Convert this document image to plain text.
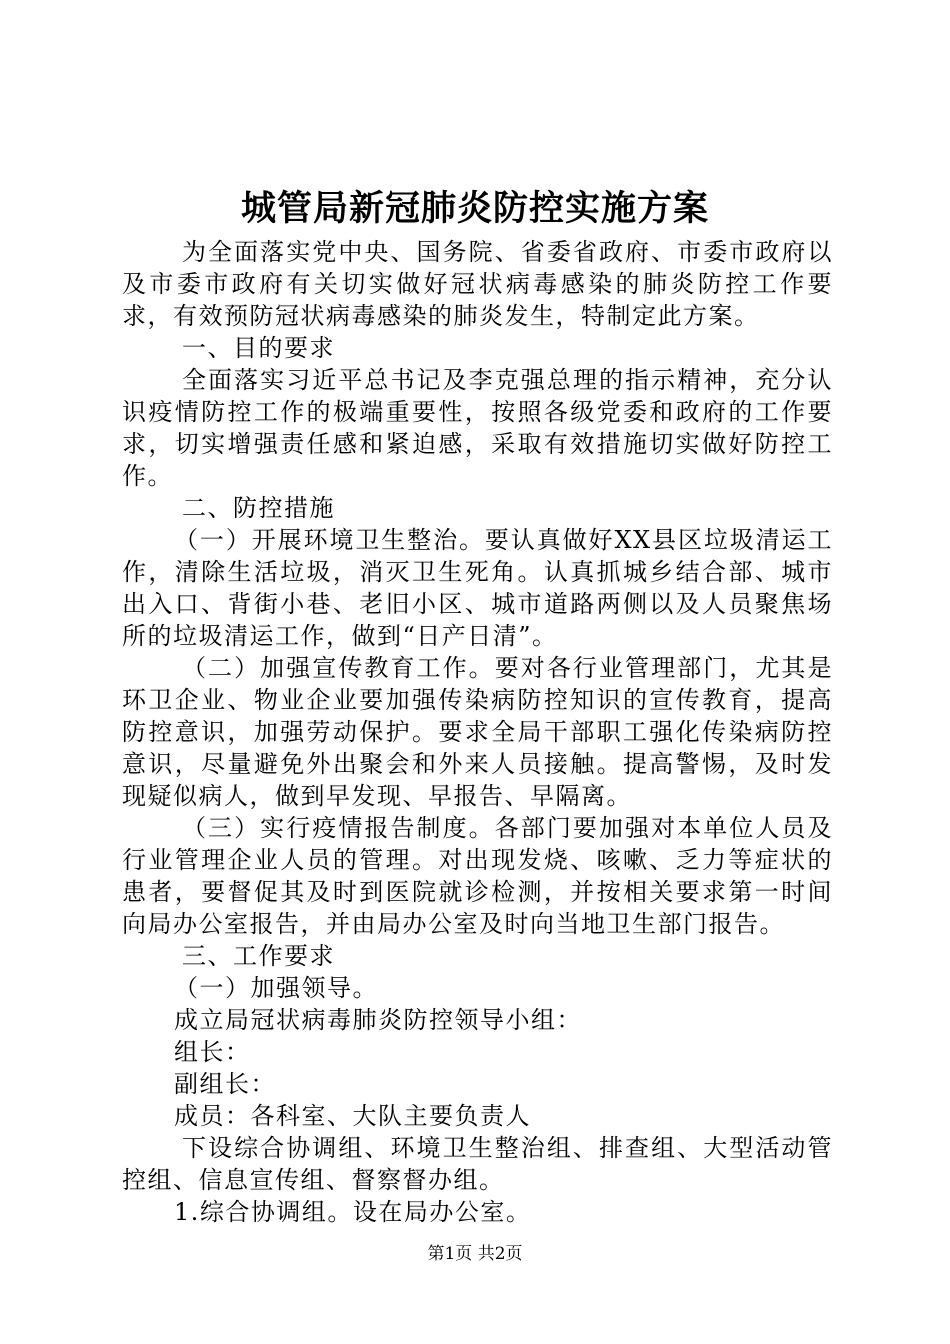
城管局新冠肺炎防控实施方案

为全面落实党中央、国务院、省委省政府、市委市政府以及市委市政府有关切实做好冠状病毒感染的肺炎防控工作要求，有效预防冠状病毒感染的肺炎发生，特制定此方案。

一、目的要求

全面落实习近平总书记及李克强总理的指示精神，充分认识疫情防控工作的极端重要性，按照各级党委和政府的工作要求，切实增强责任感和紧迫感，采取有效措施切实做好防控工作。

二、防控措施

（一）开展环境卫生整治。要认真做好XX县区垃圾清运工作，清除生活垃圾，消灭卫生死角。认真抓城乡结合部、城市出入口、背街小巷、老旧小区、城市道路两侧以及人员聚焦场所的垃圾清运工作，做到“日产日清”。

（二）加强宣传教育工作。要对各行业管理部门，尤其是环卫企业、物业企业要加强传染病防控知识的宣传教育，提高防控意识，加强劳动保护。要求全局干部职工强化传染病防控意识，尽量避免外出聚会和外来人员接触。提高警惕，及时发现疑似病人，做到早发现、早报告、早隔离。

（三）实行疫情报告制度。各部门要加强对本单位人员及行业管理企业人员的管理。对出现发烧、咳嗽、乏力等症状的患者，要督促其及时到医院就诊检测，并按相关要求第一时间向局办公室报告，并由局办公室及时向当地卫生部门报告。

三、工作要求

（一）加强领导。

成立局冠状病毒肺炎防控领导小组：

组长：

副组长：

成员：各科室、大队主要负责人

下设综合协调组、环境卫生整治组、排查组、大型活动管控组、信息宣传组、督察督办组。

1.综合协调组。设在局办公室。

第1页 共2页
